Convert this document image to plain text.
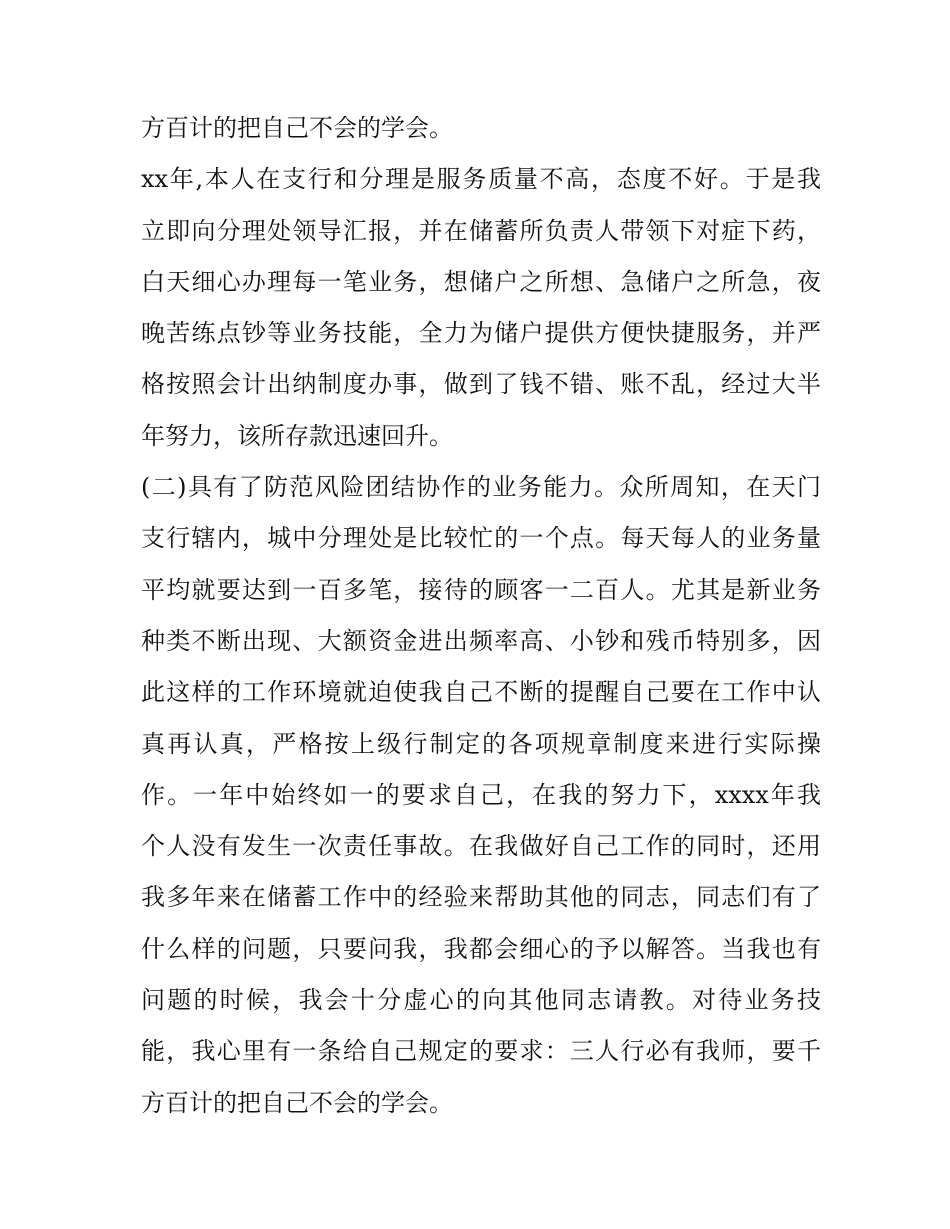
方百计的把自己不会的学会。
xx年,本人在支行和分理是服务质量不高，态度不好。于是我
立即向分理处领导汇报，并在储蓄所负责人带领下对症下药，
白天细心办理每一笔业务，想储户之所想、急储户之所急，夜
晚苦练点钞等业务技能，全力为储户提供方便快捷服务，并严
格按照会计出纳制度办事，做到了钱不错、账不乱，经过大半
年努力，该所存款迅速回升。
(二)具有了防范风险团结协作的业务能力。众所周知，在天门
支行辖内，城中分理处是比较忙的一个点。每天每人的业务量
平均就要达到一百多笔，接待的顾客一二百人。尤其是新业务
种类不断出现、大额资金进出频率高、小钞和残币特别多，因
此这样的工作环境就迫使我自己不断的提醒自己要在工作中认
真再认真，严格按上级行制定的各项规章制度来进行实际操
作。一年中始终如一的要求自己，在我的努力下，xxxx年我
个人没有发生一次责任事故。在我做好自己工作的同时，还用
我多年来在储蓄工作中的经验来帮助其他的同志，同志们有了
什么样的问题，只要问我，我都会细心的予以解答。当我也有
问题的时候，我会十分虚心的向其他同志请教。对待业务技
能，我心里有一条给自己规定的要求：三人行必有我师，要千
方百计的把自己不会的学会。
